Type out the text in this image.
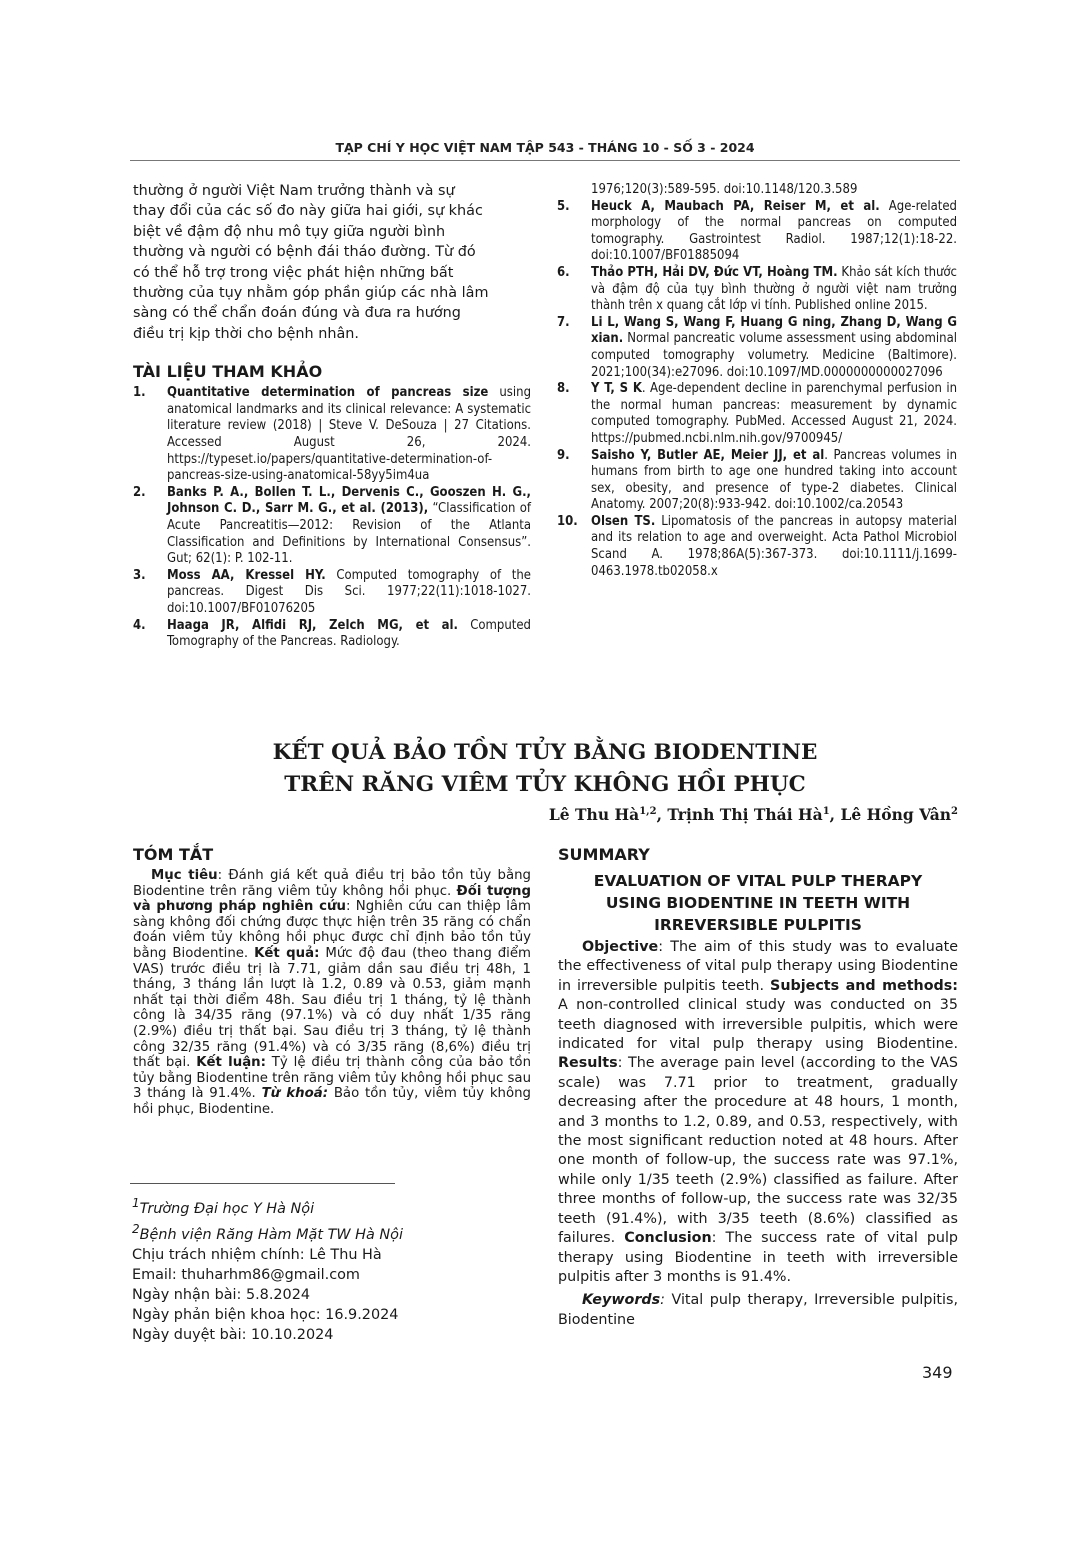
TẠP CHÍ Y HỌC VIỆT NAM TẬP 543 - THÁNG 10 - SỐ 3 - 2024

thường ở người Việt Nam trưởng thành và sự
thay đổi của các số đo này giữa hai giới, sự khác
biệt về đậm độ nhu mô tụy giữa người bình
thường và người có bệnh đái tháo đường. Từ đó
có thể hỗ trợ trong việc phát hiện những bất
thường của tụy nhằm góp phần giúp các nhà lâm
sàng có thể chẩn đoán đúng và đưa ra hướng
điều trị kịp thời cho bệnh nhân.

TÀI LIỆU THAM KHẢO
1. Quantitative determination of pancreas size using anatomical landmarks and its clinical relevance: A systematic literature review (2018) | Steve V. DeSouza | 27 Citations. Accessed August 26, 2024. https://typeset.io/papers/quantitative-determination-of-pancreas-size-using-anatomical-58yy5im4ua
2. Banks P. A., Bollen T. L., Dervenis C., Gooszen H. G., Johnson C. D., Sarr M. G., et al. (2013), “Classification of Acute Pancreatitis—2012: Revision of the Atlanta Classification and Definitions by International Consensus”. Gut; 62(1): P. 102-11.
3. Moss AA, Kressel HY. Computed tomography of the pancreas. Digest Dis Sci. 1977;22(11):1018-1027. doi:10.1007/BF01076205
4. Haaga JR, Alfidi RJ, Zelch MG, et al. Computed Tomography of the Pancreas. Radiology.
1976;120(3):589-595. doi:10.1148/120.3.589
5. Heuck A, Maubach PA, Reiser M, et al. Age-related morphology of the normal pancreas on computed tomography. Gastrointest Radiol. 1987;12(1):18-22. doi:10.1007/BF01885094
6. Thảo PTH, Hải DV, Đức VT, Hoàng TM. Khảo sát kích thước và đậm độ của tụy bình thường ở người việt nam trưởng thành trên x quang cắt lớp vi tính. Published online 2015.
7. Li L, Wang S, Wang F, Huang G ning, Zhang D, Wang G xian. Normal pancreatic volume assessment using abdominal computed tomography volumetry. Medicine (Baltimore). 2021;100(34):e27096. doi:10.1097/MD.0000000000027096
8. Y T, S K. Age-dependent decline in parenchymal perfusion in the normal human pancreas: measurement by dynamic computed tomography. PubMed. Accessed August 21, 2024. https://pubmed.ncbi.nlm.nih.gov/9700945/
9. Saisho Y, Butler AE, Meier JJ, et al. Pancreas volumes in humans from birth to age one hundred taking into account sex, obesity, and presence of type-2 diabetes. Clinical Anatomy. 2007;20(8):933-942. doi:10.1002/ca.20543
10. Olsen TS. Lipomatosis of the pancreas in autopsy material and its relation to age and overweight. Acta Pathol Microbiol Scand A. 1978;86A(5):367-373. doi:10.1111/j.1699-0463.1978.tb02058.x
KẾT QUẢ BẢO TỒN TỦY BẰNG BIODENTINE
TRÊN RĂNG VIÊM TỦY KHÔNG HỒI PHỤC
Lê Thu Hà$^{1,2}$, Trịnh Thị Thái $Hà^1$, Lê Hồng Vân$^2$
TÓM TẮT

Mục tiêu: Đánh giá kết quả điều trị bảo tồn tủy bằng Biodentine trên răng viêm tủy không hồi phục. Đối tượng và phương pháp nghiên cứu: Nghiên cứu can thiệp lâm sàng không đối chứng được thực hiện trên 35 răng có chẩn đoán viêm tủy không hồi phục được chỉ định bảo tồn tủy bằng Biodentine. Kết quả: Mức độ đau (theo thang điểm VAS) trước điều trị là 7.71, giảm dần sau điều trị 48h, 1 tháng, 3 tháng lần lượt là 1.2, 0.89 và 0.53, giảm mạnh nhất tại thời điểm 48h. Sau điều trị 1 tháng, tỷ lệ thành công là 34/35 răng (97.1%) và có duy nhất 1/35 răng (2.9%) điều trị thất bại. Sau điều trị 3 tháng, tỷ lệ thành công 32/35 răng (91.4%) và có 3/35 răng (8,6%) điều trị thất bại. Kết luận: Tỷ lệ điều trị thành công của bảo tồn tủy bằng Biodentine trên răng viêm tủy không hồi phục sau 3 tháng là 91.4%. Từ khoá: Bảo tồn tủy, viêm tủy không hồi phục, Biodentine.

SUMMARY
EVALUATION OF VITAL PULP THERAPY
USING BIODENTINE IN TEETH WITH
IRREVERSIBLE PULPITIS

Objective: The aim of this study was to evaluate the effectiveness of vital pulp therapy using Biodentine in irreversible pulpitis teeth. Subjects and methods: A non-controlled clinical study was conducted on 35 teeth diagnosed with irreversible pulpitis, which were indicated for vital pulp therapy using Biodentine. Results: The average pain level (according to the VAS scale) was 7.71 prior to treatment, gradually decreasing after the procedure at 48 hours, 1 month, and 3 months to 1.2, 0.89, and 0.53, respectively, with the most significant reduction noted at 48 hours. After one month of follow-up, the success rate was 97.1%, while only 1/35 teeth (2.9%) classified as failure. After three months of follow-up, the success rate was 32/35 teeth (91.4%), with 3/35 teeth (8.6%) classified as failures. Conclusion: The success rate of vital pulp therapy using Biodentine in teeth with irreversible pulpitis after 3 months is 91.4%.

Keywords: Vital pulp therapy, Irreversible pulpitis, Biodentine

$^1$Trường Đại học Y Hà Nội
$^2$Bệnh viện Răng Hàm Mặt TW Hà Nội
Chịu trách nhiệm chính: Lê Thu Hà
Email: thuharhm86@gmail.com
Ngày nhận bài: 5.8.2024
Ngày phản biện khoa học: 16.9.2024
Ngày duyệt bài: 10.10.2024
349
